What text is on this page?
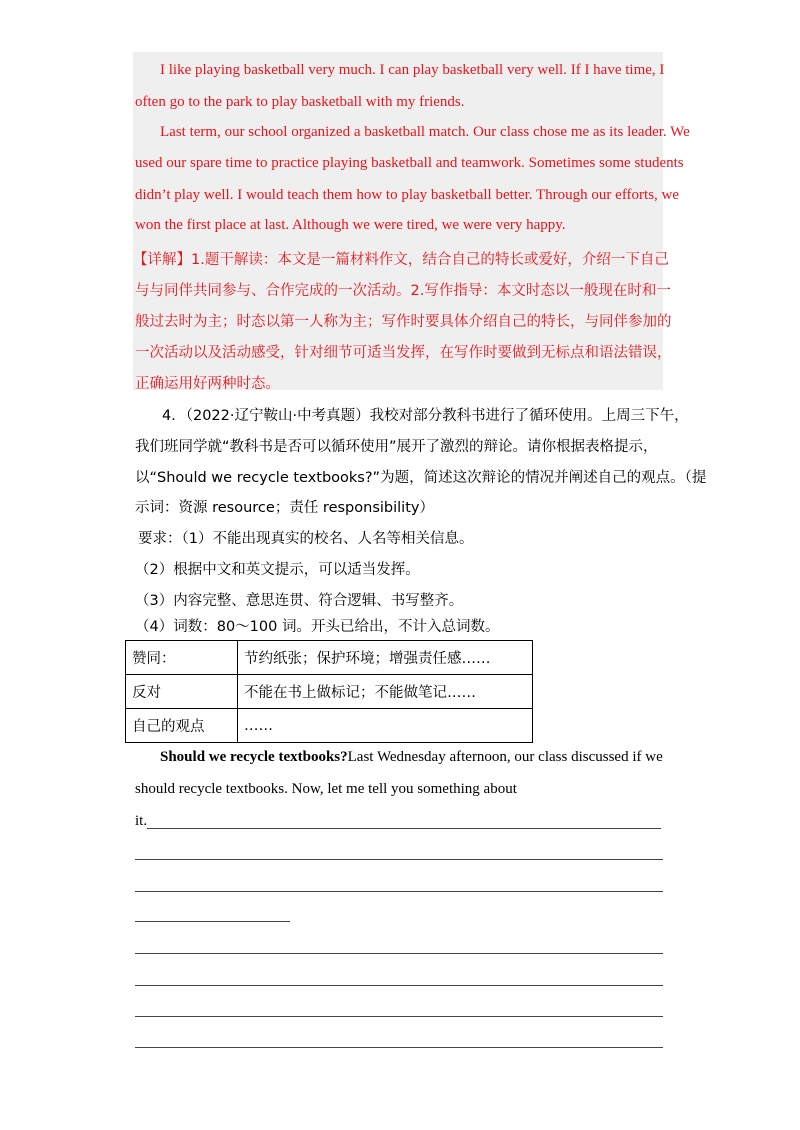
I like playing basketball very much. I can play basketball very well. If I have time, I
often go to the park to play basketball with my friends.
Last term, our school organized a basketball match. Our class chose me as its leader. We
used our spare time to practice playing basketball and teamwork. Sometimes some students
didn’t play well. I would teach them how to play basketball better. Through our efforts, we
won the first place at last. Although we were tired, we were very happy.
【详解】1.题干解读：本文是一篇材料作文，结合自己的特长或爱好，介绍一下自己
与与同伴共同参与、合作完成的一次活动。2.写作指导：本文时态以一般现在时和一
般过去时为主；时态以第一人称为主；写作时要具体介绍自己的特长，与同伴参加的
一次活动以及活动感受，针对细节可适当发挥，在写作时要做到无标点和语法错误，
正确运用好两种时态。
4．（2022·辽宁鞍山·中考真题）我校对部分教科书进行了循环使用。上周三下午，
我们班同学就“教科书是否可以循环使用”展开了激烈的辩论。请你根据表格提示，
以“Should we recycle textbooks?”为题，简述这次辩论的情况并阐述自己的观点。（提
示词：资源 resource；责任 responsibility）
要求：（1）不能出现真实的校名、人名等相关信息。
（2）根据中文和英文提示，可以适当发挥。
（3）内容完整、意思连贯、符合逻辑、书写整齐。
（4）词数：80～100 词。开头已给出，不计入总词数。
赞同：	节约纸张；保护环境；增强责任感……
反对	不能在书上做标记；不能做笔记……
自己的观点	……
Should we recycle textbooks?Last Wednesday afternoon, our class discussed if we
should recycle textbooks. Now, let me tell you something about
it.
